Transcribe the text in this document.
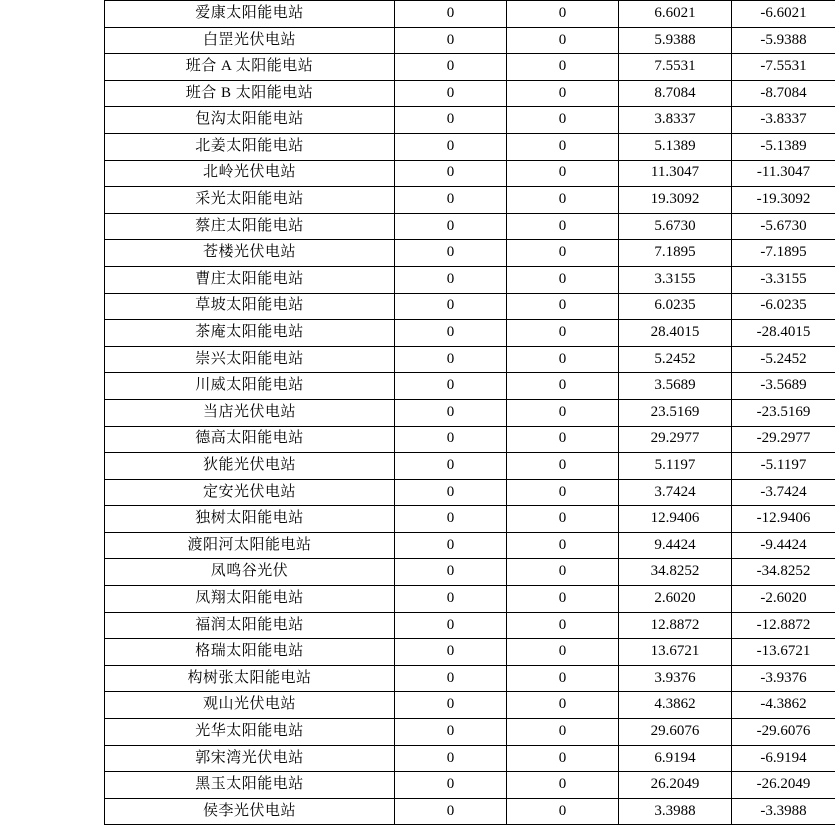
爱康太阳能电站	0	0	6.6021	-6.6021
白罡光伏电站	0	0	5.9388	-5.9388
班合 A 太阳能电站	0	0	7.5531	-7.5531
班合 B 太阳能电站	0	0	8.7084	-8.7084
包沟太阳能电站	0	0	3.8337	-3.8337
北姜太阳能电站	0	0	5.1389	-5.1389
北岭光伏电站	0	0	11.3047	-11.3047
采光太阳能电站	0	0	19.3092	-19.3092
蔡庄太阳能电站	0	0	5.6730	-5.6730
苍楼光伏电站	0	0	7.1895	-7.1895
曹庄太阳能电站	0	0	3.3155	-3.3155
草坡太阳能电站	0	0	6.0235	-6.0235
茶庵太阳能电站	0	0	28.4015	-28.4015
崇兴太阳能电站	0	0	5.2452	-5.2452
川威太阳能电站	0	0	3.5689	-3.5689
当店光伏电站	0	0	23.5169	-23.5169
德高太阳能电站	0	0	29.2977	-29.2977
狄能光伏电站	0	0	5.1197	-5.1197
定安光伏电站	0	0	3.7424	-3.7424
独树太阳能电站	0	0	12.9406	-12.9406
渡阳河太阳能电站	0	0	9.4424	-9.4424
凤鸣谷光伏	0	0	34.8252	-34.8252
凤翔太阳能电站	0	0	2.6020	-2.6020
福润太阳能电站	0	0	12.8872	-12.8872
格瑞太阳能电站	0	0	13.6721	-13.6721
构树张太阳能电站	0	0	3.9376	-3.9376
观山光伏电站	0	0	4.3862	-4.3862
光华太阳能电站	0	0	29.6076	-29.6076
郭宋湾光伏电站	0	0	6.9194	-6.9194
黑玉太阳能电站	0	0	26.2049	-26.2049
侯李光伏电站	0	0	3.3988	-3.3988
